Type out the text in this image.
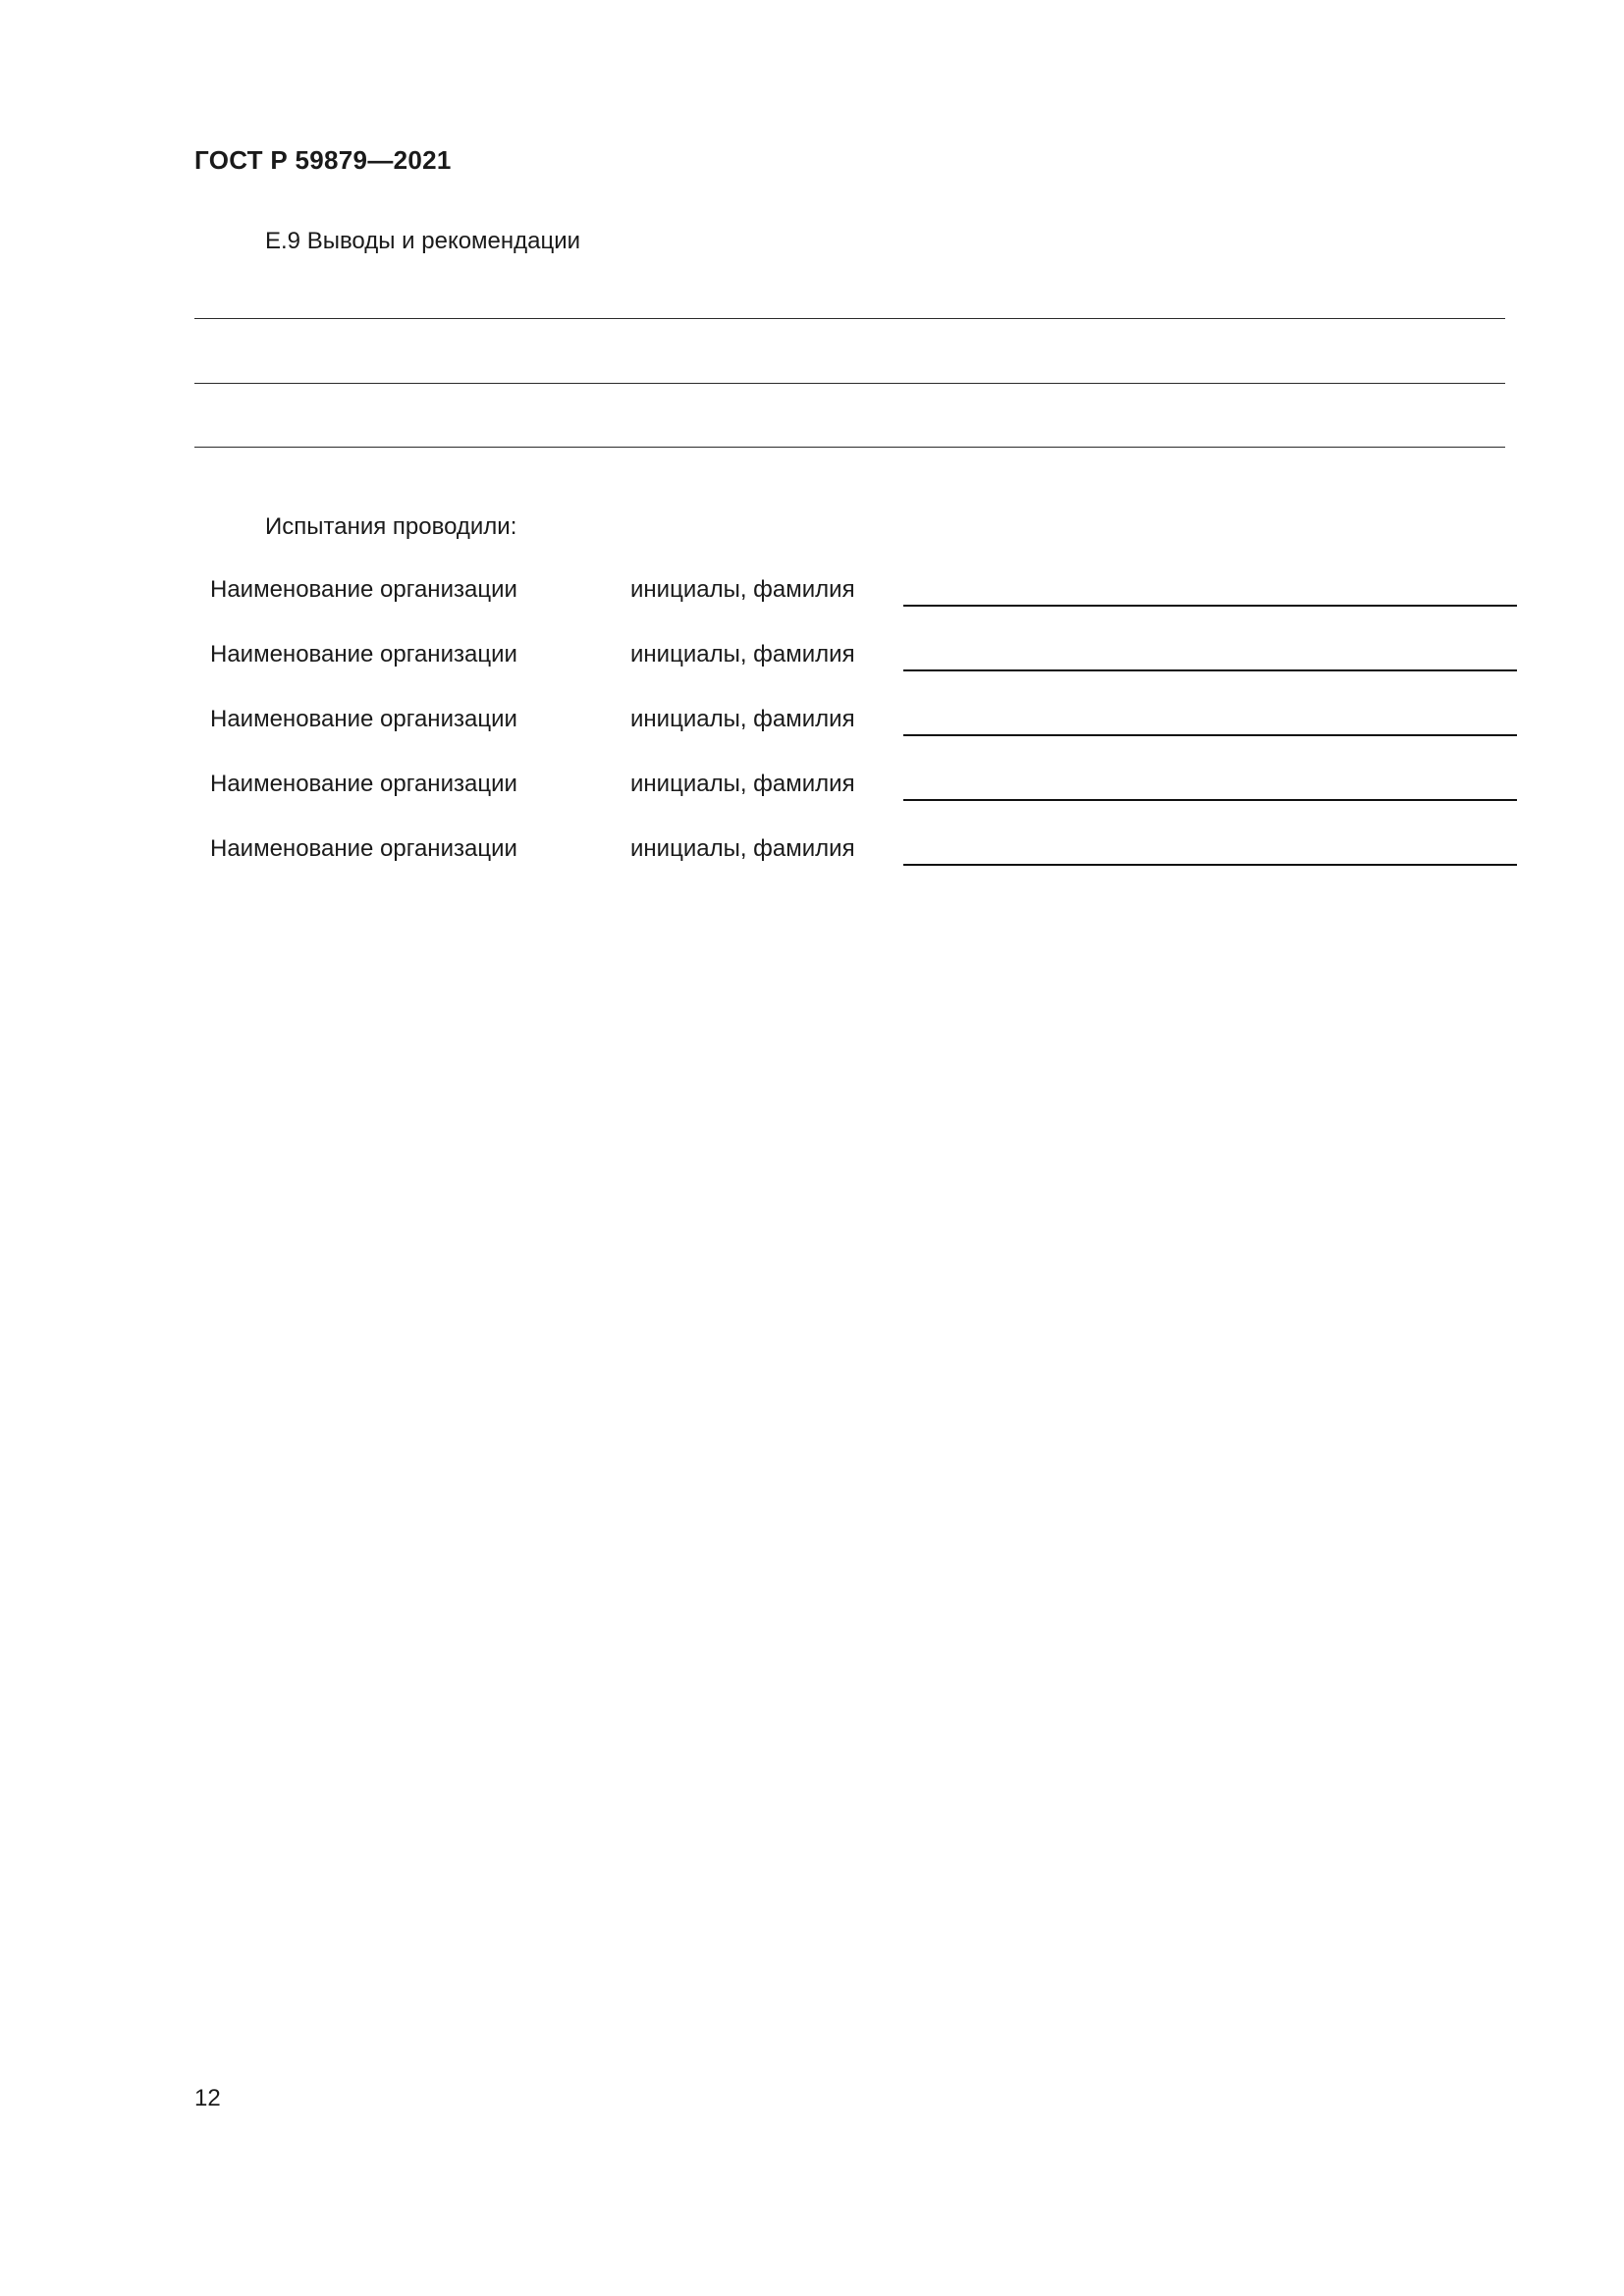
ГОСТ Р 59879—2021
Е.9 Выводы и рекомендации
Испытания проводили:
Наименование организации	инициалы, фамилия
Наименование организации	инициалы, фамилия
Наименование организации	инициалы, фамилия
Наименование организации	инициалы, фамилия
Наименование организации	инициалы, фамилия
12
